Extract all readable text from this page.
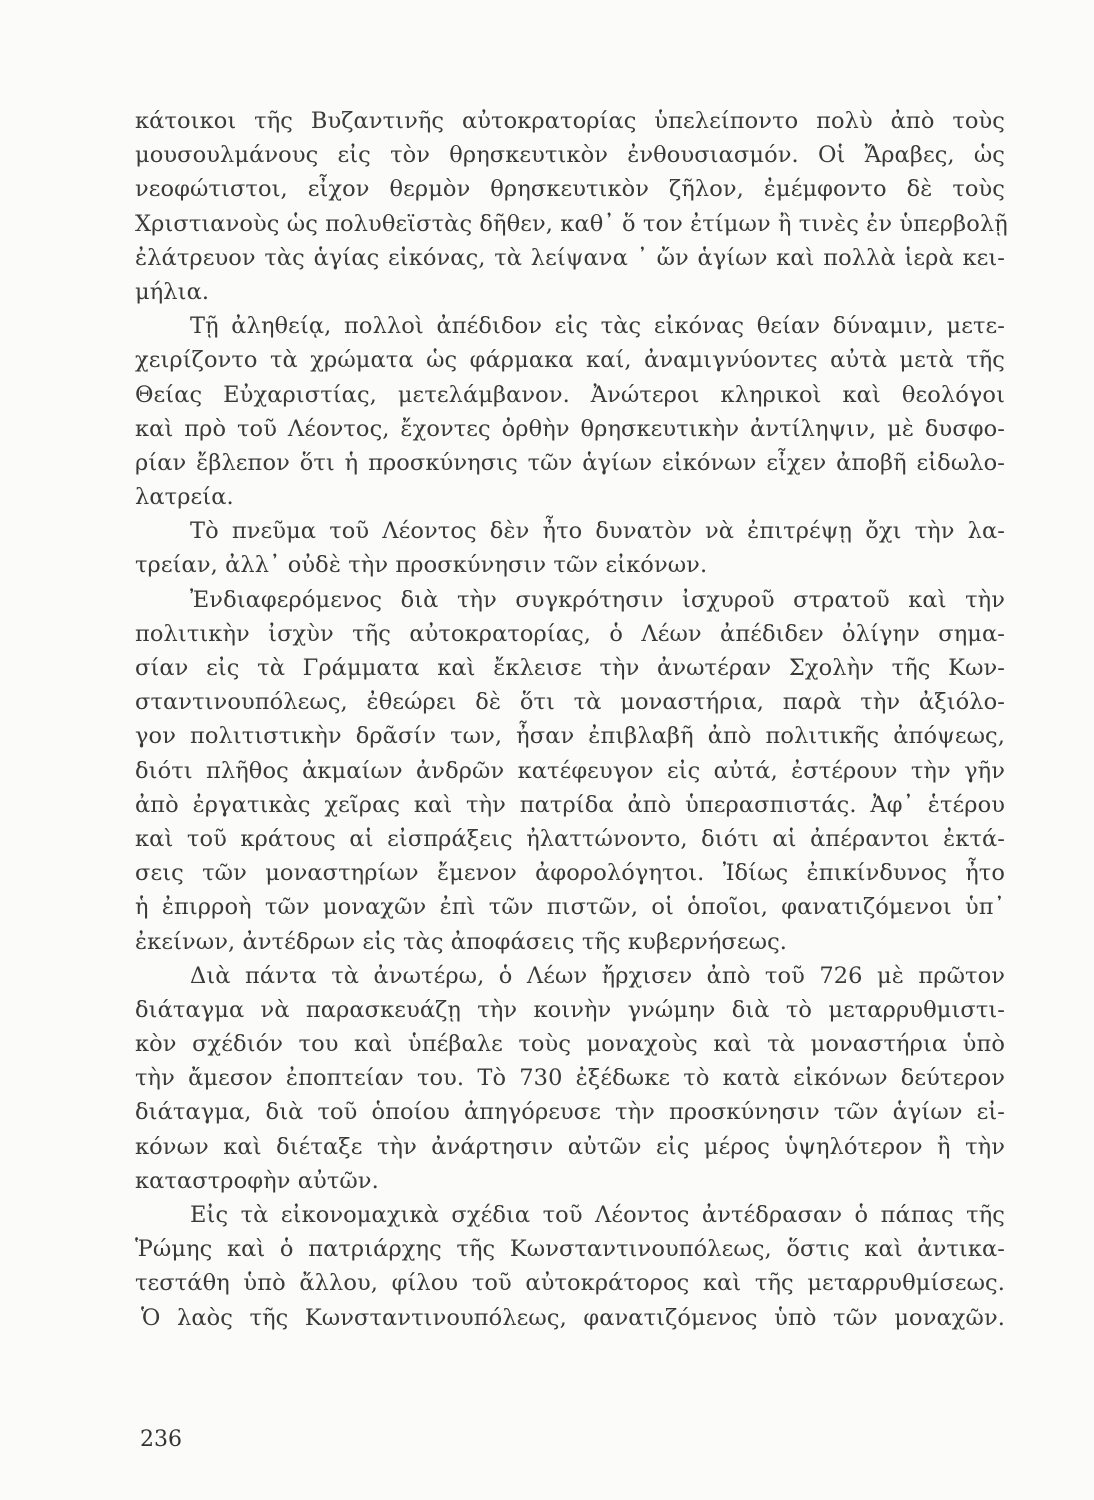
κάτοικοι τῆς Βυζαντινῆς αὐτοκρατορίας ὑπελείποντο πολὺ ἀπὸ τοὺς
μουσουλμάνους εἰς τὸν θρησκευτικὸν ἐνθουσιασμόν. Οἱ Ἄραβες, ὡς
νεοφώτιστοι, εἶχον θερμὸν θρησκευτικὸν ζῆλον, ἐμέμφοντο δὲ τοὺς
Χριστιανοὺς ὡς πολυθεϊστὰς δῆθεν, καθ᾽ ὅ τον ἐτίμων ἢ τινὲς ἐν ὑπερβολῇ
ἐλάτρευον τὰς ἁγίας εἰκόνας, τὰ λείψανα ᾿ ὤν ἁγίων καὶ πολλὰ ἱερὰ κει-
μήλια.
Τῇ ἀληθείᾳ, πολλοὶ ἀπέδιδον εἰς τὰς εἰκόνας θείαν δύναμιν, μετε-
χειρίζοντο τὰ χρώματα ὡς φάρμακα καί, ἀναμιγνύοντες αὐτὰ μετὰ τῆς
Θείας Εὐχαριστίας, μετελάμβανον. Ἀνώτεροι κληρικοὶ καὶ θεολόγοι
καὶ πρὸ τοῦ Λέοντος, ἔχοντες ὀρθὴν θρησκευτικὴν ἀντίληψιν, μὲ δυσφο-
ρίαν ἔβλεπον ὅτι ἡ προσκύνησις τῶν ἁγίων εἰκόνων εἶχεν ἀποβῆ εἰδωλο-
λατρεία.
Τὸ πνεῦμα τοῦ Λέοντος δὲν ἦτο δυνατὸν νὰ ἐπιτρέψῃ ὄχι τὴν λα-
τρείαν, ἀλλ᾽ οὐδὲ τὴν προσκύνησιν τῶν εἰκόνων.
Ἐνδιαφερόμενος διὰ τὴν συγκρότησιν ἰσχυροῦ στρατοῦ καὶ τὴν
πολιτικὴν ἰσχὺν τῆς αὐτοκρατορίας, ὁ Λέων ἀπέδιδεν ὀλίγην σημα-
σίαν εἰς τὰ Γράμματα καὶ ἔκλεισε τὴν ἀνωτέραν Σχολὴν τῆς Κων-
σταντινουπόλεως, ἐθεώρει δὲ ὅτι τὰ μοναστήρια, παρὰ τὴν ἀξιόλο-
γον πολιτιστικὴν δρᾶσίν των, ἦσαν ἐπιβλαβῆ ἀπὸ πολιτικῆς ἀπόψεως,
διότι πλῆθος ἀκμαίων ἀνδρῶν κατέφευγον εἰς αὐτά, ἐστέρουν τὴν γῆν
ἀπὸ ἐργατικὰς χεῖρας καὶ τὴν πατρίδα ἀπὸ ὑπερασπιστάς. Ἀφ᾽ ἑτέρου
καὶ τοῦ κράτους αἱ εἰσπράξεις ἠλαττώνοντο, διότι αἱ ἀπέραντοι ἐκτά-
σεις τῶν μοναστηρίων ἔμενον ἀφορολόγητοι. Ἰδίως ἐπικίνδυνος ἦτο
ἡ ἐπιρροὴ τῶν μοναχῶν ἐπὶ τῶν πιστῶν, οἱ ὁποῖοι, φανατιζόμενοι ὑπ᾽
ἐκείνων, ἀντέδρων εἰς τὰς ἀποφάσεις τῆς κυβερνήσεως.
Διὰ πάντα τὰ ἀνωτέρω, ὁ Λέων ἤρχισεν ἀπὸ τοῦ 726 μὲ πρῶτον
διάταγμα νὰ παρασκευάζῃ τὴν κοινὴν γνώμην διὰ τὸ μεταρρυθμιστι-
κὸν σχέδιόν του καὶ ὑπέβαλε τοὺς μοναχοὺς καὶ τὰ μοναστήρια ὑπὸ
τὴν ἄμεσον ἐποπτείαν του. Τὸ 730 ἐξέδωκε τὸ κατὰ εἰκόνων δεύτερον
διάταγμα, διὰ τοῦ ὁποίου ἀπηγόρευσε τὴν προσκύνησιν τῶν ἁγίων εἰ-
κόνων καὶ διέταξε τὴν ἀνάρτησιν αὐτῶν εἰς μέρος ὑψηλότερον ἢ τὴν
καταστροφὴν αὐτῶν.
Εἰς τὰ εἰκονομαχικὰ σχέδια τοῦ Λέοντος ἀντέδρασαν ὁ πάπας τῆς
Ῥώμης καὶ ὁ πατριάρχης τῆς Κωνσταντινουπόλεως, ὅστις καὶ ἀντικα-
τεστάθη ὑπὸ ἄλλου, φίλου τοῦ αὐτοκράτορος καὶ τῆς μεταρρυθμίσεως.
Ὁ λαὸς τῆς Κωνσταντινουπόλεως, φανατιζόμενος ὑπὸ τῶν μοναχῶν.
236
